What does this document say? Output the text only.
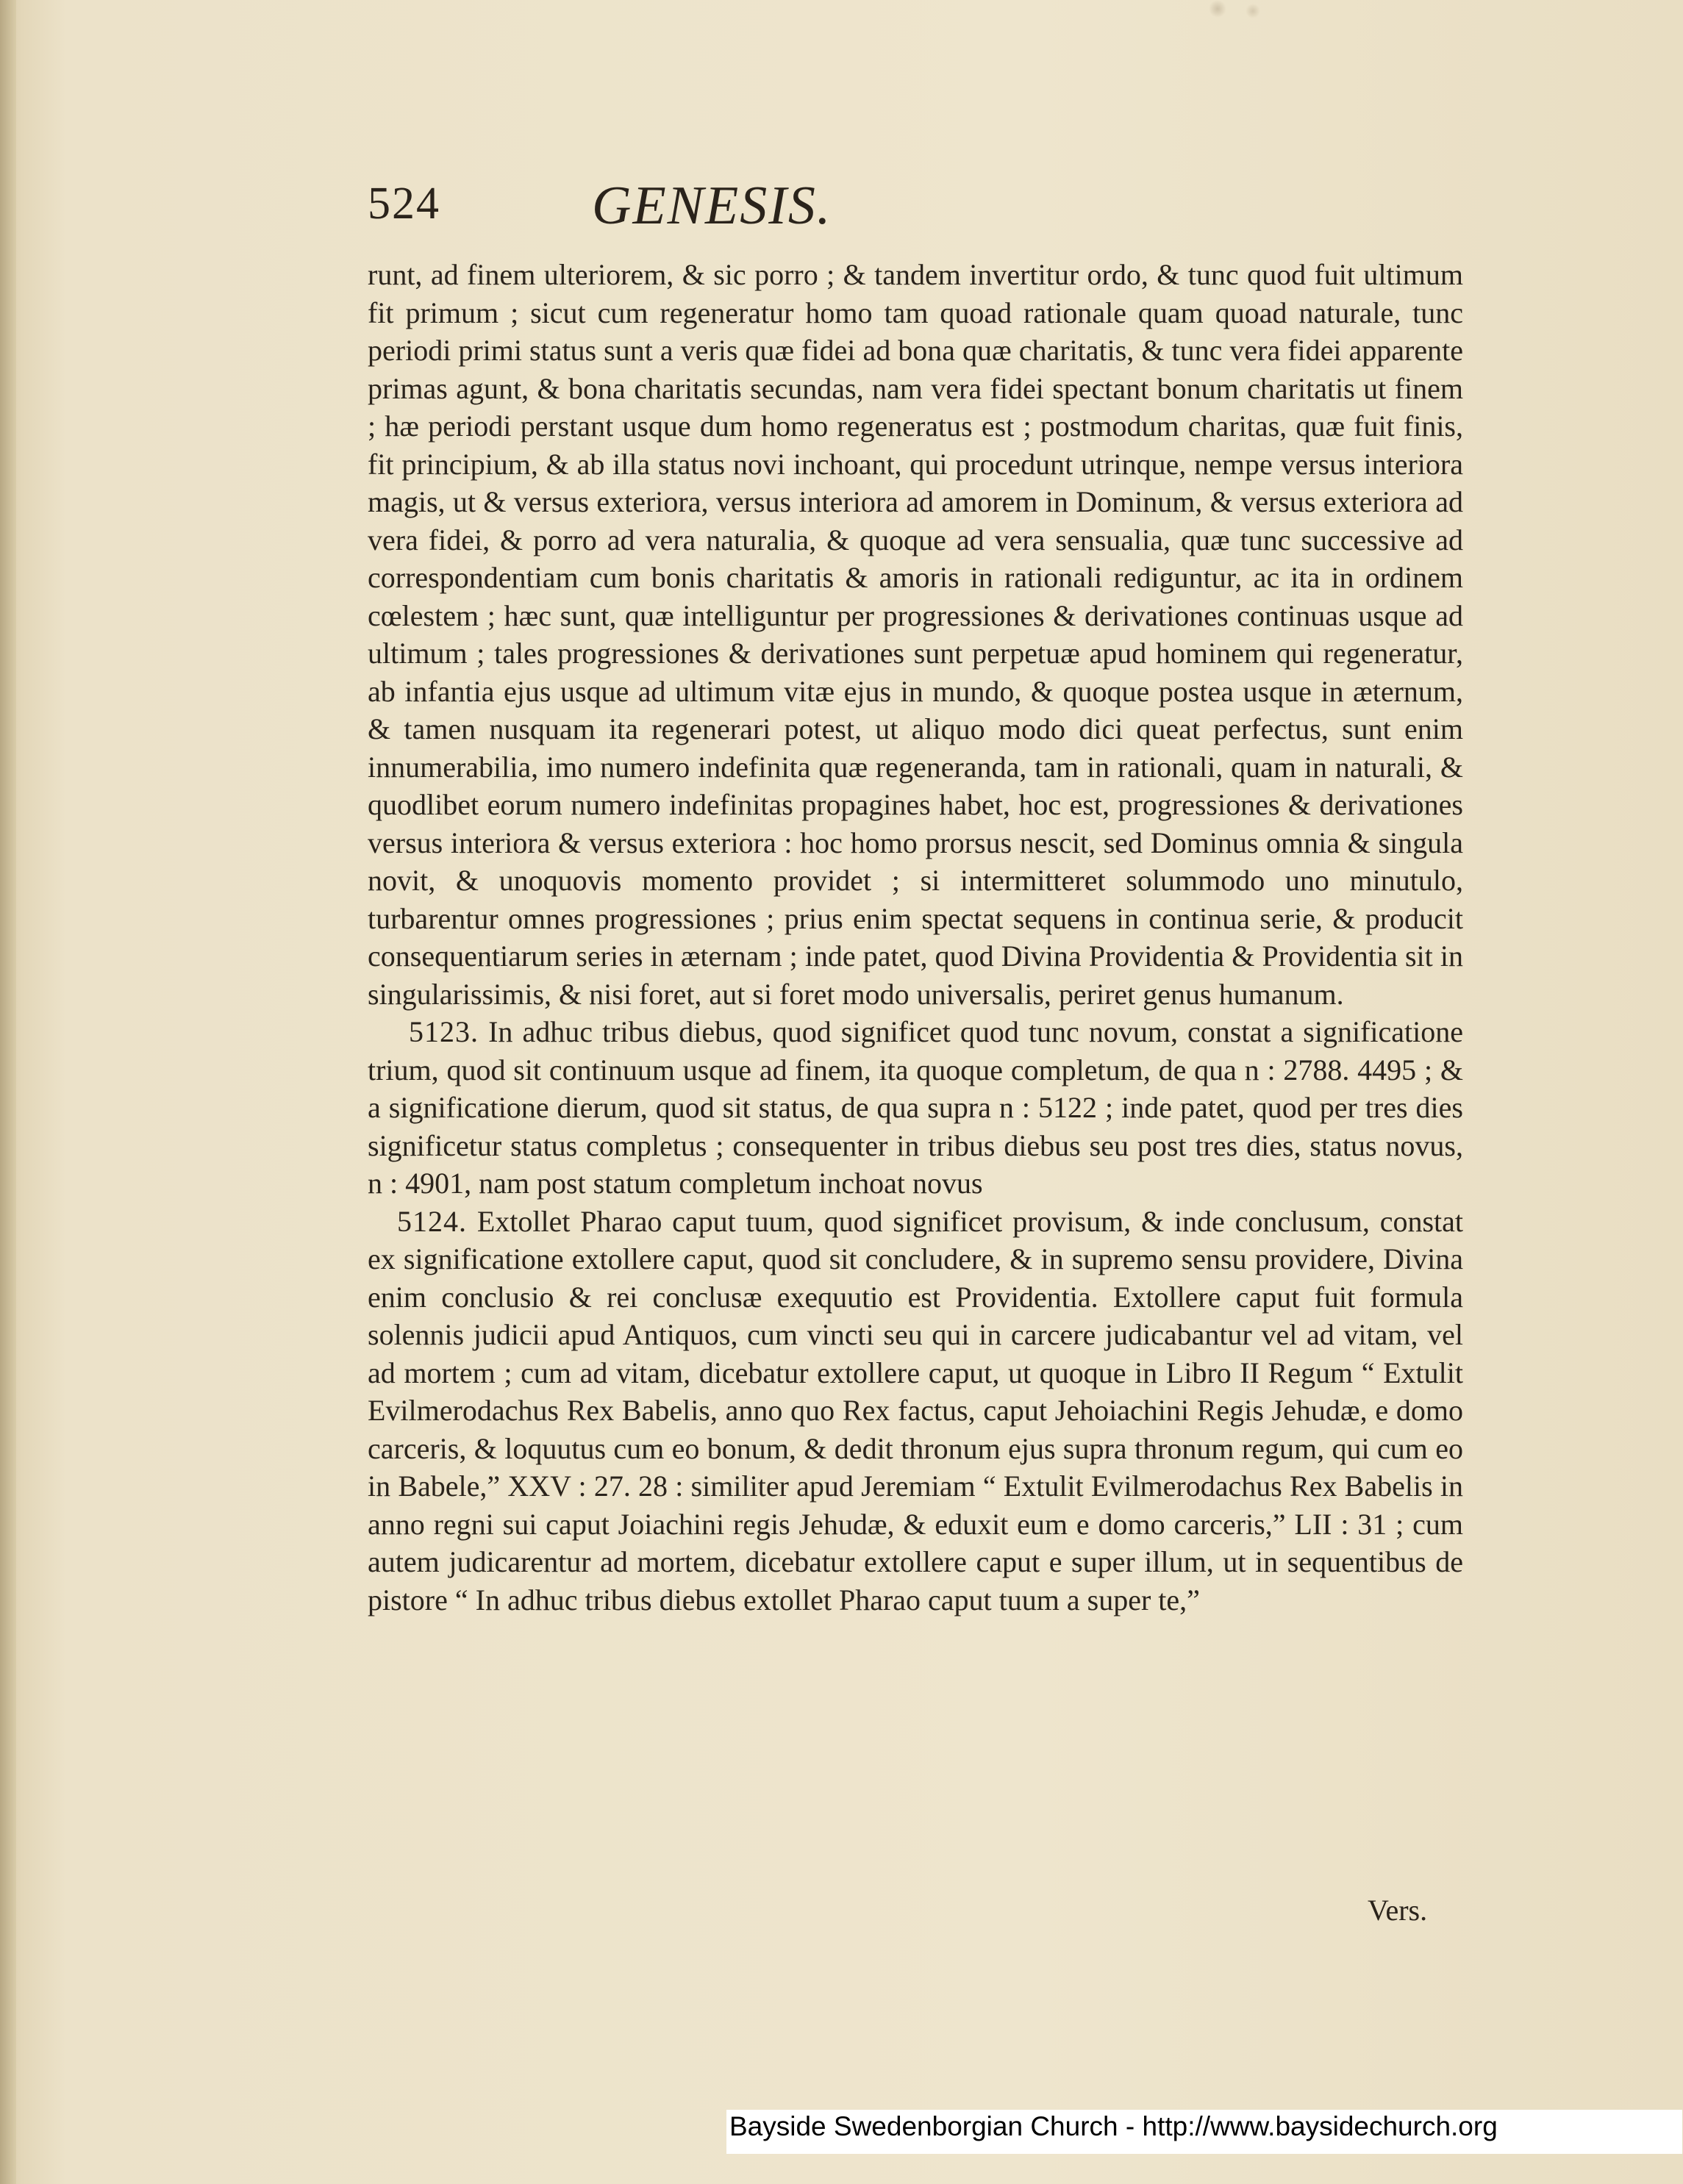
524	GENESIS.

runt, ad finem ulteriorem, & sic porro ; & tandem invertitur ordo, & tunc quod fuit ultimum fit primum ; sicut cum regeneratur homo tam quoad rationale quam quoad naturale, tunc periodi primi status sunt a veris quæ fidei ad bona quæ charitatis, & tunc vera fidei apparente primas agunt, & bona charitatis secundas, nam vera fidei spectant bonum charitatis ut finem ; hæ periodi perstant usque dum homo regeneratus est ; postmodum charitas, quæ fuit finis, fit principium, & ab illa status novi inchoant, qui procedunt utrinque, nempe versus interiora magis, ut & versus exteriora, versus interiora ad amorem in Dominum, & versus exteriora ad vera fidei, & porro ad vera naturalia, & quoque ad vera sensualia, quæ tunc successive ad correspondentiam cum bonis charitatis & amoris in rationali rediguntur, ac ita in ordinem cœlestem ; hæc sunt, quæ intelliguntur per progressiones & derivationes continuas usque ad ultimum ; tales progressiones & derivationes sunt perpetuæ apud hominem qui regeneratur, ab infantia ejus usque ad ultimum vitæ ejus in mundo, & quoque postea usque in æternum, & tamen nusquam ita regenerari potest, ut aliquo modo dici queat perfectus, sunt enim innumerabilia, imo numero indefinita quæ regeneranda, tam in rationali, quam in naturali, & quodlibet eorum numero indefinitas propagines habet, hoc est, progressiones & derivationes versus interiora & versus exteriora : hoc homo prorsus nescit, sed Dominus omnia & singula novit, & unoquovis momento providet ; si intermitteret solummodo uno minutulo, turbarentur omnes progressiones ; prius enim spectat sequens in continua serie, & producit consequentiarum series in æternam ; inde patet, quod Divina Providentia & Providentia sit in singularissimis, & nisi foret, aut si foret modo universalis, periret genus humanum.

5123. In adhuc tribus diebus, quod significet quod tunc novum, constat a significatione trium, quod sit continuum usque ad finem, ita quoque completum, de qua n : 2788. 4495 ; & a significatione dierum, quod sit status, de qua supra n : 5122 ; inde patet, quod per tres dies significetur status completus ; consequenter in tribus diebus seu post tres dies, status novus, n : 4901, nam post statum completum inchoat novus

5124. Extollet Pharao caput tuum, quod significet provisum, & inde conclusum, constat ex significatione extollere caput, quod sit concludere, & in supremo sensu providere, Divina enim conclusio & rei conclusæ exequutio est Providentia. Extollere caput fuit formula solennis judicii apud Antiquos, cum vincti seu qui in carcere judicabantur vel ad vitam, vel ad mortem ; cum ad vitam, dicebatur extollere caput, ut quoque in Libro II Regum “ Extulit Evilmerodachus Rex Babelis, anno quo Rex factus, caput Jehoiachini Regis Jehudæ, e domo carceris, & loquutus cum eo bonum, & dedit thronum ejus supra thronum regum, qui cum eo in Babele,” XXV : 27. 28 : similiter apud Jeremiam “ Extulit Evilmerodachus Rex Babelis in anno regni sui caput Joiachini regis Jehudæ, & eduxit eum e domo carceris,” LII : 31 ; cum autem judicarentur ad mortem, dicebatur extollere caput e super illum, ut in sequentibus de pistore “ In adhuc tribus diebus extollet Pharao caput tuum a super te,”

Vers.
Bayside Swedenborgian Church - http://www.baysidechurch.org
